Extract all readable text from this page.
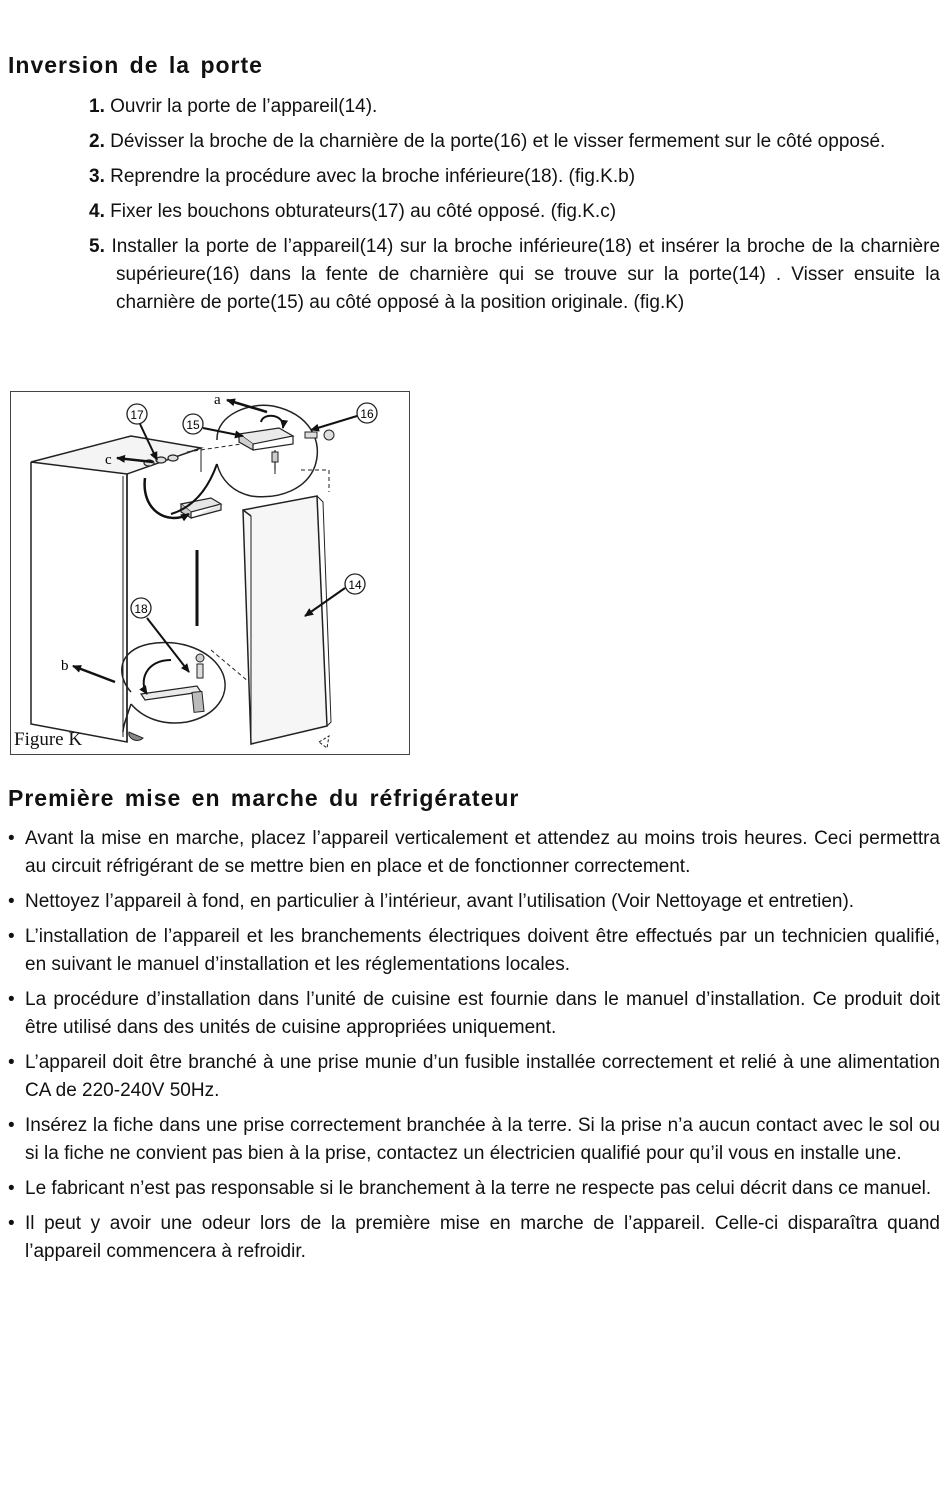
Inversion de la porte
1. Ouvrir la porte de l’appareil(14).
2. Dévisser la broche de la charnière de la porte(16) et le visser fermement sur le côté opposé.
3. Reprendre la procédure avec la broche inférieure(18). (fig.K.b)
4. Fixer les bouchons obturateurs(17) au côté opposé. (fig.K.c)
5. Installer la porte de l’appareil(14) sur la broche inférieure(18) et insérer la broche de la charnière supérieure(16) dans la fente de charnière qui se trouve sur la porte(14) . Visser ensuite la charnière de porte(15) au côté opposé à la position originale. (fig.K)
17
15
16
14
18
a
c
b
Figure K
Première mise en marche du réfrigérateur
• Avant la mise en marche, placez l’appareil verticalement et attendez au moins trois heures. Ceci permettra au circuit réfrigérant de se mettre bien en place et de fonctionner correctement.
• Nettoyez l’appareil à fond, en particulier à l’intérieur, avant l’utilisation (Voir Nettoyage et entretien).
• L’installation de l’appareil et les branchements électriques doivent être effectués par un technicien qualifié, en suivant le manuel d’installation et les réglementations locales.
• La procédure d’installation dans l’unité de cuisine est fournie dans le manuel d’installation. Ce produit doit être utilisé dans des unités de cuisine appropriées uniquement.
• L’appareil doit être branché à une prise munie d’un fusible installée correctement et relié à une alimentation CA de 220-240V 50Hz.
• Insérez la fiche dans une prise correctement branchée à la terre. Si la prise n’a aucun contact avec le sol ou si la fiche ne convient pas bien à la prise, contactez un électricien qualifié pour qu’il vous en installe une.
• Le fabricant n’est pas responsable si le branchement à la terre ne respecte pas celui décrit dans ce manuel.
• Il peut y avoir une odeur lors de la première mise en marche de l’appareil. Celle-ci disparaîtra quand l’appareil commencera à refroidir.
